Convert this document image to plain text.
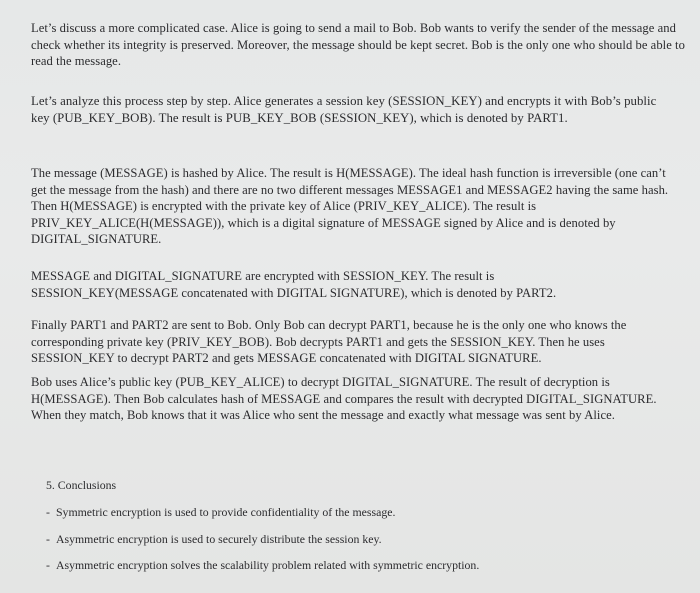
Let’s discuss a more complicated case. Alice is going to send a mail to Bob. Bob wants to verify the sender of the message and check whether its integrity is preserved. Moreover, the message should be kept secret. Bob is the only one who should be able to read the message.

Let’s analyze this process step by step. Alice generates a session key (SESSION_KEY) and encrypts it with Bob’s public key (PUB_KEY_BOB). The result is PUB_KEY_BOB (SESSION_KEY), which is denoted by PART1.

The message (MESSAGE) is hashed by Alice. The result is H(MESSAGE). The ideal hash function is irreversible (one can’t get the message from the hash) and there are no two different messages MESSAGE1 and MESSAGE2 having the same hash. Then H(MESSAGE) is encrypted with the private key of Alice (PRIV_KEY_ALICE). The result is PRIV_KEY_ALICE(H(MESSAGE)), which is a digital signature of MESSAGE signed by Alice and is denoted by DIGITAL_SIGNATURE.

MESSAGE and DIGITAL_SIGNATURE are encrypted with SESSION_KEY. The result is SESSION_KEY(MESSAGE concatenated with DIGITAL SIGNATURE), which is denoted by PART2.

Finally PART1 and PART2 are sent to Bob. Only Bob can decrypt PART1, because he is the only one who knows the corresponding private key (PRIV_KEY_BOB). Bob decrypts PART1 and gets the SESSION_KEY. Then he uses SESSION_KEY to decrypt PART2 and gets MESSAGE concatenated with DIGITAL SIGNATURE.

Bob uses Alice’s public key (PUB_KEY_ALICE) to decrypt DIGITAL_SIGNATURE. The result of decryption is H(MESSAGE). Then Bob calculates hash of MESSAGE and compares the result with decrypted DIGITAL_SIGNATURE. When they match, Bob knows that it was Alice who sent the message and exactly what message was sent by Alice.

5. Conclusions

- Symmetric encryption is used to provide confidentiality of the message.

- Asymmetric encryption is used to securely distribute the session key.

- Asymmetric encryption solves the scalability problem related with symmetric encryption.
